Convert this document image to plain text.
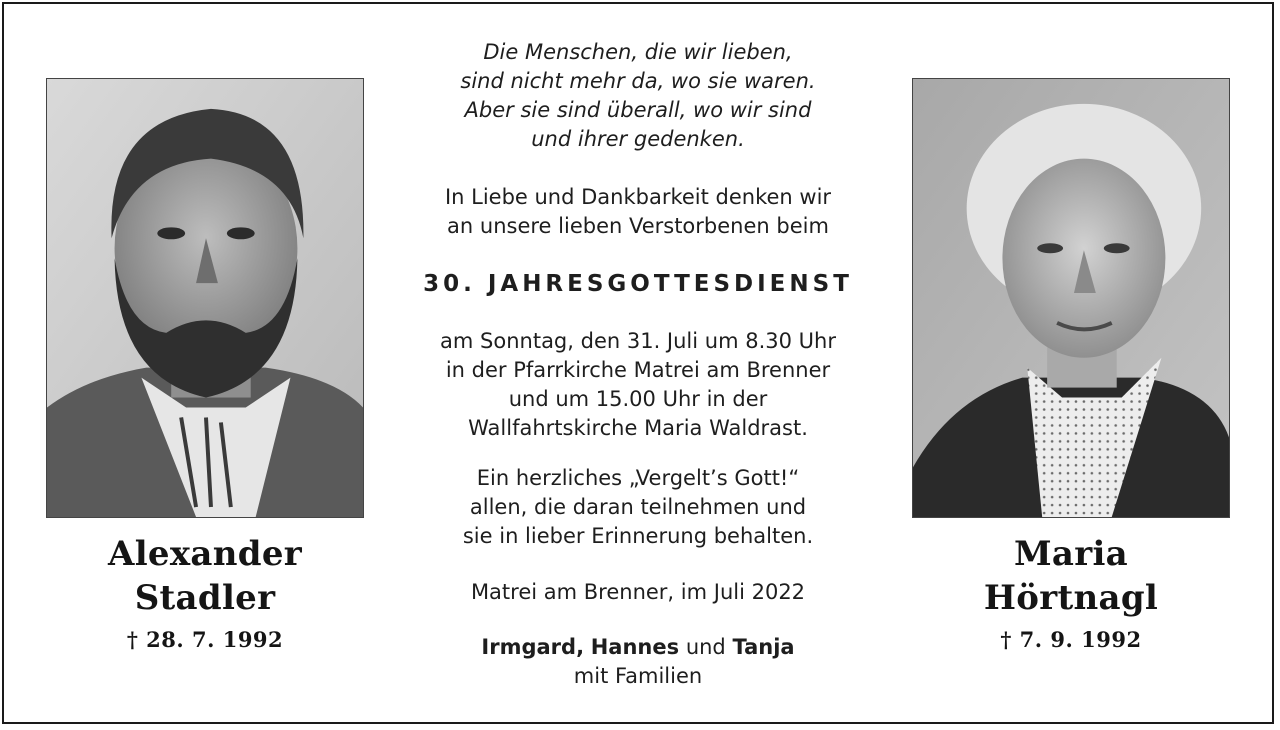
Alexander
Stadler
† 28. 7. 1992
Maria
Hörtnagl
† 7. 9. 1992
Die Menschen, die wir lieben,
sind nicht mehr da, wo sie waren.
Aber sie sind überall, wo wir sind
und ihrer gedenken.
In Liebe und Dankbarkeit denken wir
an unsere lieben Verstorbenen beim
30. JAHRESGOTTESDIENST
am Sonntag, den 31. Juli um 8.30 Uhr
in der Pfarrkirche Matrei am Brenner
und um 15.00 Uhr in der
Wallfahrtskirche Maria Waldrast.
Ein herzliches „Vergelt’s Gott!“
allen, die daran teilnehmen und
sie in lieber Erinnerung behalten.
Matrei am Brenner, im Juli 2022
Irmgard, Hannes und Tanja
mit Familien
